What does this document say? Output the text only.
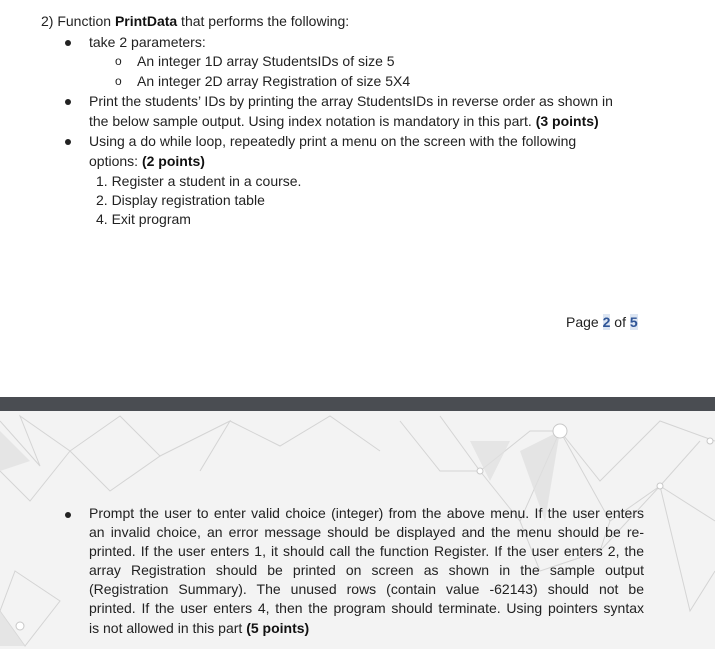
2) Function PrintData that performs the following:
take 2 parameters:
o An integer 1D array StudentsIDs of size 5
o An integer 2D array Registration of size 5X4
Print the students’ IDs by printing the array StudentsIDs in reverse order as shown in
the below sample output. Using index notation is mandatory in this part. (3 points)
Using a do while loop, repeatedly print a menu on the screen with the following
options: (2 points)
1. Register a student in a course.
2. Display registration table
4. Exit program
Page 2 of 5
Prompt the user to enter valid choice (integer) from the above menu. If the user enters
an invalid choice, an error message should be displayed and the menu should be re-
printed. If the user enters 1, it should call the function Register. If the user enters 2, the
array Registration should be printed on screen as shown in the sample output
(Registration Summary). The unused rows (contain value -62143) should not be
printed. If the user enters 4, then the program should terminate. Using pointers syntax
is not allowed in this part (5 points)
